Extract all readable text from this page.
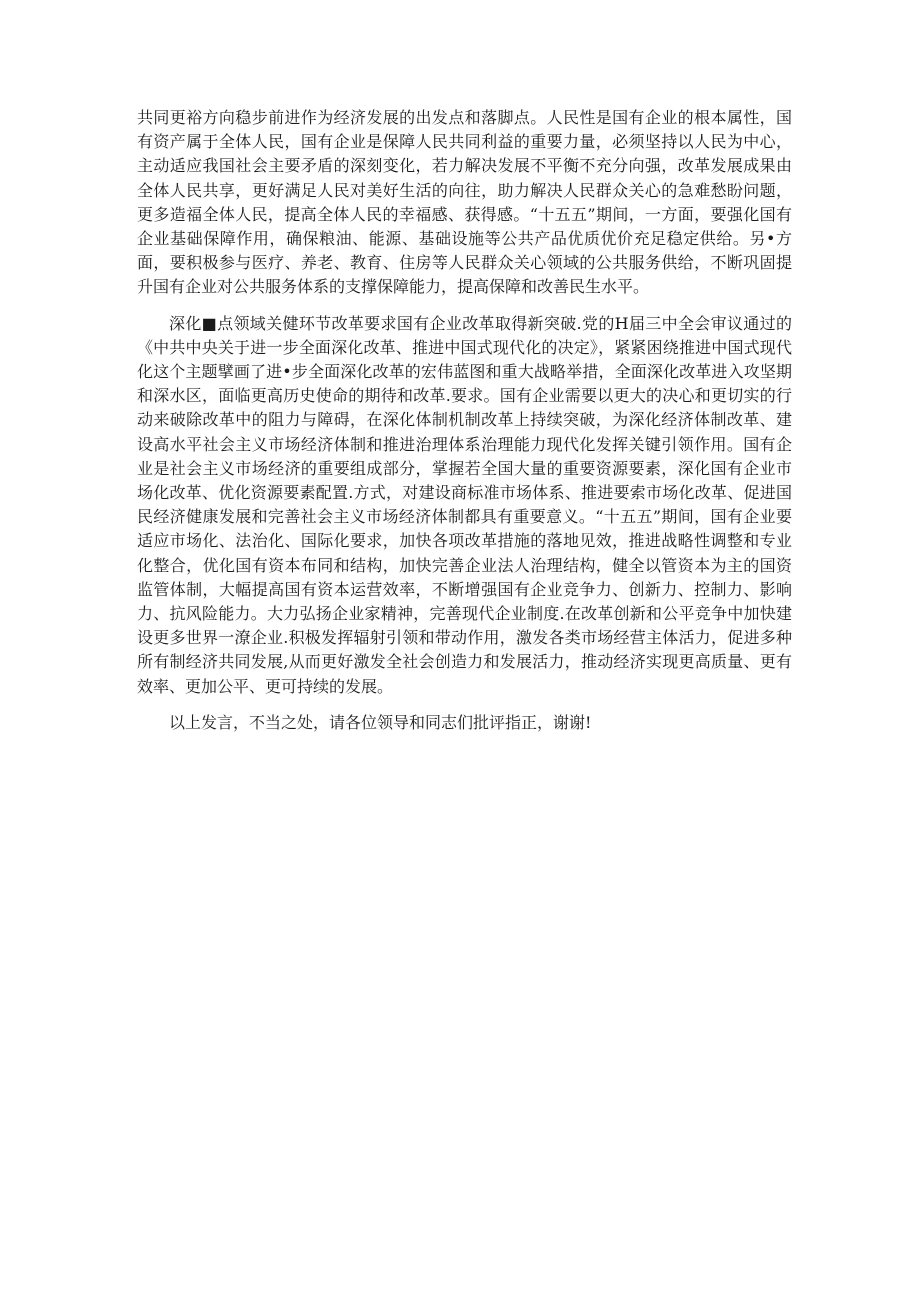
共同更裕方向稳步前进作为经济发展的出发点和落脚点。人民性是国有企业的根本属性，国有资产属于全体人民，国有企业是保障人民共同利益的重要力量，必须坚持以人民为中心，主动适应我国社会主要矛盾的深刻变化，若力解决发展不平衡不充分向强，改革发展成果由全体人民共享，更好满足人民对美好生活的向往，助力解决人民群众关心的急难愁盼问题，更多造福全体人民，提高全体人民的幸福感、获得感。“十五五”期间，一方面，要强化国有企业基础保障作用，确保粮油、能源、基础设施等公共产品优质优价充足稳定供给。另•方面，要积极参与医疗、养老、教育、住房等人民群众关心领域的公共服务供给，不断巩固提升国有企业对公共服务体系的支撑保障能力，提高保障和改善民生水平。

深化■点领域关健环节改革要求国有企业改革取得新突破.党的H届三中全会审议通过的《中共中央关于进一步全面深化改革、推进中国式现代化的决定》，紧紧困绕推进中国式现代化这个主题擘画了进•步全面深化改革的宏伟蓝图和重大战略举措，全面深化改革进入攻坚期和深水区，面临更高历史使命的期待和改革.要求。国有企业需要以更大的决心和更切实的行动来破除改革中的阻力与障碍，在深化体制机制改革上持续突破，为深化经济体制改革、建设高水平社会主义市场经济体制和推进治理体系治理能力现代化发挥关键引领作用。国有企业是社会主义市场经济的重要组成部分，掌握若全国大量的重要资源要素，深化国有企业市场化改革、优化资源要素配置.方式，对建设商标准市场体系、推进要索市场化改革、促进国民经济健康发展和完善社会主义市场经济体制都具有重要意义。“十五五”期间，国有企业要适应市场化、法治化、国际化要求，加快各项改革措施的落地见效，推进战略性调整和专业化整合，优化国有资本布同和结构，加快完善企业法人治理结构，健全以管资本为主的国资监管体制，大幅提高国有资本运营效率，不断增强国有企业竞争力、创新力、控制力、影响力、抗风险能力。大力弘扬企业家精神，完善现代企业制度.在改革创新和公平竞争中加快建设更多世界一潦企业.积极发挥辐射引领和带动作用，激发各类市场经营主体活力，促进多种所有制经济共同发展,从而更好激发全社会创造力和发展活力，推动经济实现更高质量、更有效率、更加公平、更可持续的发展。

以上发言，不当之处，请各位领导和同志们批评指正，谢谢!
